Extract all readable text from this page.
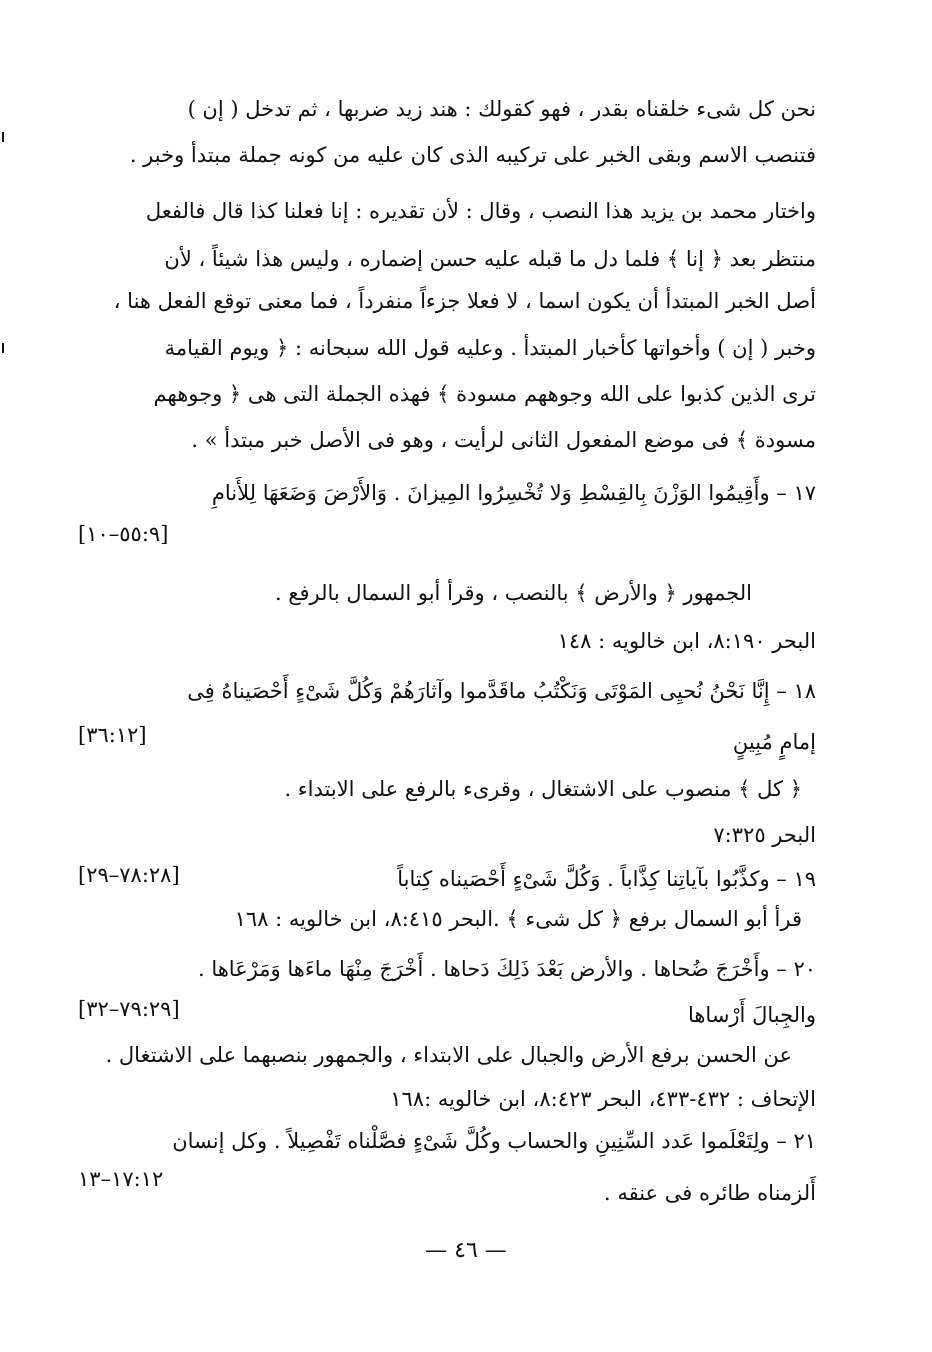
نحن كل شىء خلقناه بقدر ، فهو كقولك : هند زيد ضربها ، ثم تدخل ( إن )
فتنصب الاسم وبقى الخبر على تركيبه الذى كان عليه من كونه جملة مبتدأ وخبر .
واختار محمد بن يزيد هذا النصب ، وقال : لأن تقديره : إنا فعلنا كذا قال فالفعل
منتظر بعد ﴿ إنا ﴾ فلما دل ما قبله عليه حسن إضماره ، وليس هذا شيئاً ، لأن
أصل الخبر المبتدأ أن يكون اسما ، لا فعلا جزءاً منفرداً ، فما معنى توقع الفعل هنا ،
وخبر ( إن ) وأخواتها كأخبار المبتدأ . وعليه قول الله سبحانه : ﴿ ويوم القيامة
ترى الذين كذبوا على الله وجوههم مسودة ﴾ فهذه الجملة التى هى ﴿ وجوههم
مسودة ﴾ فى موضع المفعول الثانى لرأيت ، وهو فى الأصل خبر مبتدأ » .
١٧ – وأَقِيمُوا الوَزْنَ بِالقِسْطِ وَلا تُخْسِرُوا المِيزانَ . وَالأَرْضَ وَضَعَهَا لِلأَنامِ
[٥٥:٩–١٠]
الجمهور ﴿ والأرض ﴾ بالنصب ، وقرأ أبو السمال بالرفع .
البحر ٨:١٩٠، ابن خالويه : ١٤٨
١٨ – إِنَّا نَحْنُ نُحيِى المَوْتَى وَنَكْتُبُ ماقَدَّموا وآثارَهُمْ وَكُلَّ شَىْءٍ أَحْصَيناهُ فِى
[٣٦:١٢]	إمامٍ مُبِينٍ
﴿ كل ﴾ منصوب على الاشتغال ، وقرىء بالرفع على الابتداء .
البحر ٧:٣٢٥
١٩ – وكذَّبُوا بآياتِنا كِذَّاباً . وَكُلَّ شَىْءٍ أَحْصَيناه كِتاباً
[٧٨:٢٨–٢٩]
قرأ أبو السمال برفع ﴿ كل شىء ﴾ .البحر ٨:٤١٥، ابن خالويه : ١٦٨
٢٠ – وأَخْرَجَ ضُحاها . والأرض بَعْدَ ذَلِكَ دَحاها . أَخْرَجَ مِنْهَا ماءَها وَمَرْعَاها .
[٧٩:٢٩–٣٢]	والجِبالَ أَرْساها
عن الحسن برفع الأرض والجبال على الابتداء ، والجمهور بنصبهما على الاشتغال .
الإتحاف : ٤٣٢-٤٣٣، البحر ٨:٤٢٣، ابن خالويه :١٦٨
٢١ – ولِتَعْلَموا عَدد السِّنِينِ والحساب وكُلَّ شَىْءٍ فصَّلْناه تَفْصِيلاً . وكل إنسان
١٧:١٢–١٣
أَلزمناه طائره فى عنقه .
— ٤٦ —
